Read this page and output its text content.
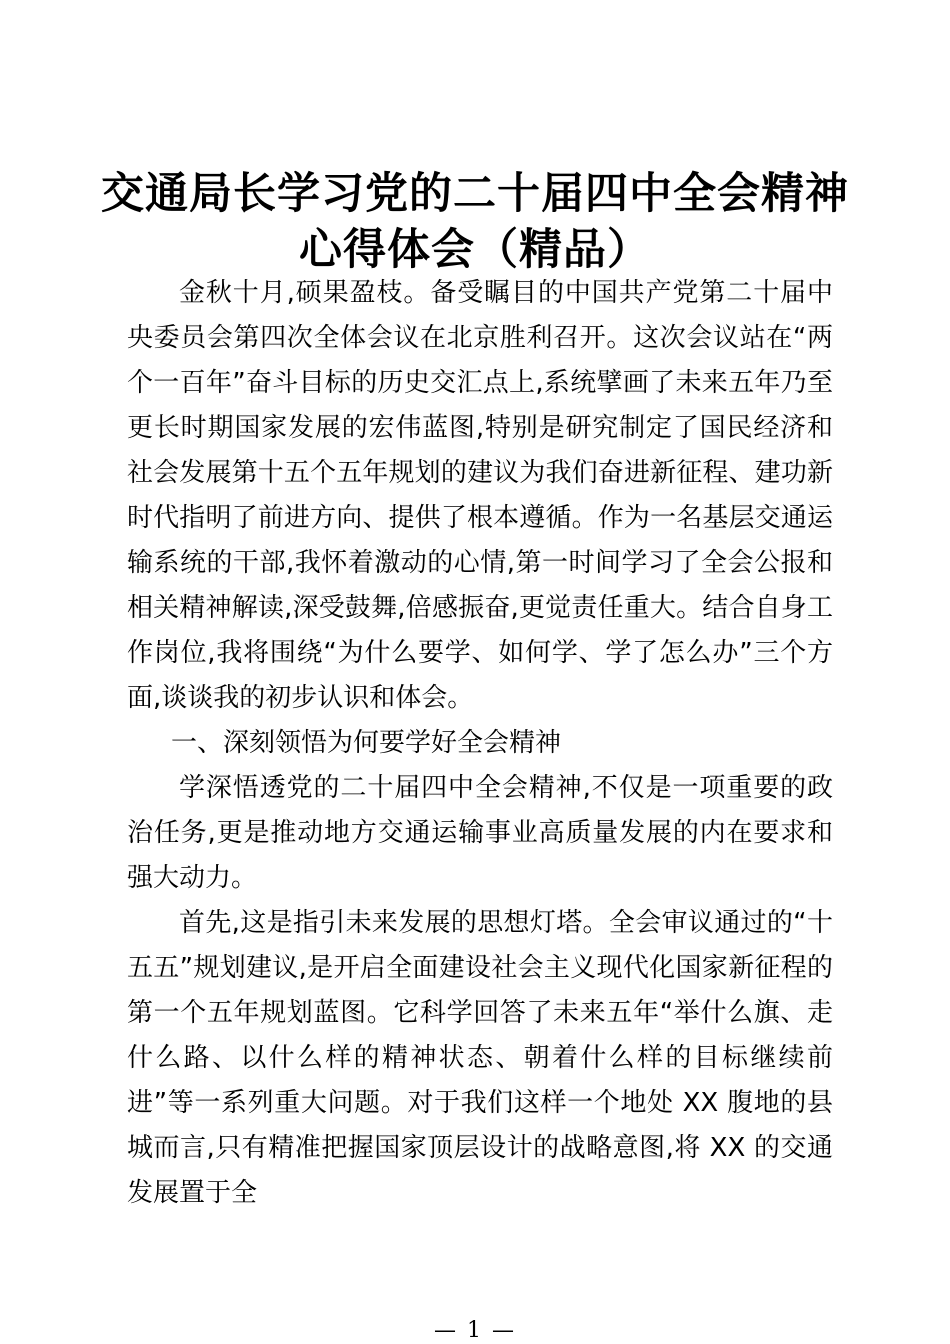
交通局长学习党的二十届四中全会精神
心得体会（精品）

金秋十月,硕果盈枝。备受瞩目的中国共产党第二十届中央委员会第四次全体会议在北京胜利召开。这次会议站在“两个一百年”奋斗目标的历史交汇点上,系统擘画了未来五年乃至更长时期国家发展的宏伟蓝图,特别是研究制定了国民经济和社会发展第十五个五年规划的建议为我们奋进新征程、建功新时代指明了前进方向、提供了根本遵循。作为一名基层交通运输系统的干部,我怀着激动的心情,第一时间学习了全会公报和相关精神解读,深受鼓舞,倍感振奋,更觉责任重大。结合自身工作岗位,我将围绕“为什么要学、如何学、学了怎么办”三个方面,谈谈我的初步认识和体会。

一、深刻领悟为何要学好全会精神

学深悟透党的二十届四中全会精神,不仅是一项重要的政治任务,更是推动地方交通运输事业高质量发展的内在要求和强大动力。

首先,这是指引未来发展的思想灯塔。全会审议通过的“十五五”规划建议,是开启全面建设社会主义现代化国家新征程的第一个五年规划蓝图。它科学回答了未来五年“举什么旗、走什么路、以什么样的精神状态、朝着什么样的目标继续前进”等一系列重大问题。对于我们这样一个地处 XX 腹地的县城而言,只有精准把握国家顶层设计的战略意图,将 XX 的交通发展置于全

— 1 —
